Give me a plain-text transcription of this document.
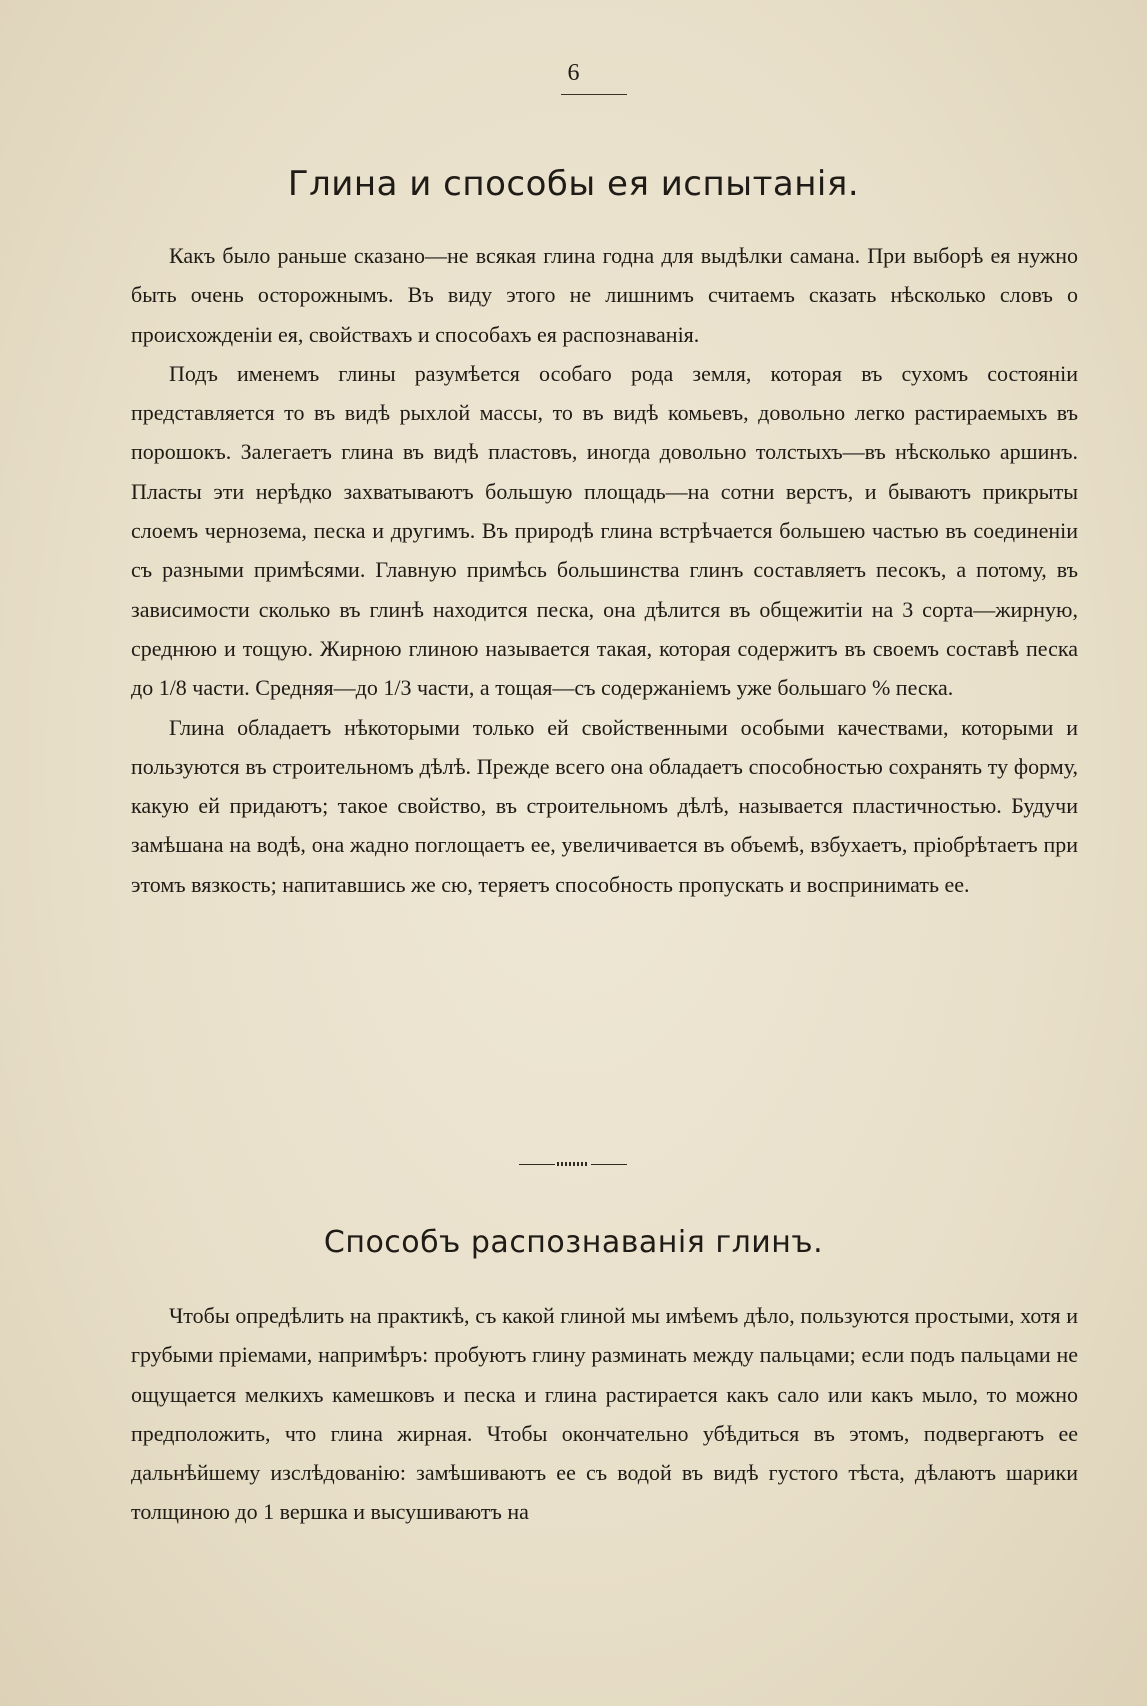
6
Глина и способы ея испытанія.

Какъ было раньше сказано—не всякая глина годна для выдѣлки самана. При выборѣ ея нужно быть очень осторожнымъ. Въ виду этого не лишнимъ считаемъ сказать нѣсколько словъ о происхожденіи ея, свойствахъ и способахъ ея распознаванія.

Подъ именемъ глины разумѣется особаго рода земля, которая въ сухомъ состояніи представляется то въ видѣ рыхлой массы, то въ видѣ комьевъ, довольно легко растираемыхъ въ порошокъ. Залегаетъ глина въ видѣ пластовъ, иногда довольно толстыхъ—въ нѣсколько аршинъ. Пласты эти нерѣдко захватываютъ большую площадь—на сотни верстъ, и бываютъ прикрыты слоемъ чернозема, песка и другимъ. Въ природѣ глина встрѣчается большею частью въ соединеніи съ разными примѣсями. Главную примѣсь большинства глинъ составляетъ песокъ, а потому, въ зависимости сколько въ глинѣ находится песка, она дѣлится въ общежитіи на 3 сорта—жирную, среднюю и тощую. Жирною глиною называется такая, которая содержитъ въ своемъ составѣ песка до 1/8 части. Средняя—до 1/3 части, а тощая—съ содержаніемъ уже большаго % песка.

Глина обладаетъ нѣкоторыми только ей свойственными особыми качествами, которыми и пользуются въ строительномъ дѣлѣ. Прежде всего она обладаетъ способностью сохранять ту форму, какую ей придаютъ; такое свойство, въ строительномъ дѣлѣ, называется пластичностью. Будучи замѣшана на водѣ, она жадно поглощаетъ ее, увеличивается въ объемѣ, взбухаетъ, пріобрѣтаетъ при этомъ вязкость; напитавшись же сю, теряетъ способность пропускать и воспринимать ее.

Способъ распознаванія глинъ.

Чтобы опредѣлить на практикѣ, съ какой глиной мы имѣемъ дѣло, пользуются простыми, хотя и грубыми пріемами, напримѣръ: пробуютъ глину разминать между пальцами; если подъ пальцами не ощущается мелкихъ камешковъ и песка и глина растирается какъ сало или какъ мыло, то можно предположить, что глина жирная. Чтобы окончательно убѣдиться въ этомъ, подвергаютъ ее дальнѣйшему изслѣдованію: замѣшиваютъ ее съ водой въ видѣ густого тѣста, дѣлаютъ шарики толщиною до 1 вершка и высушиваютъ на
